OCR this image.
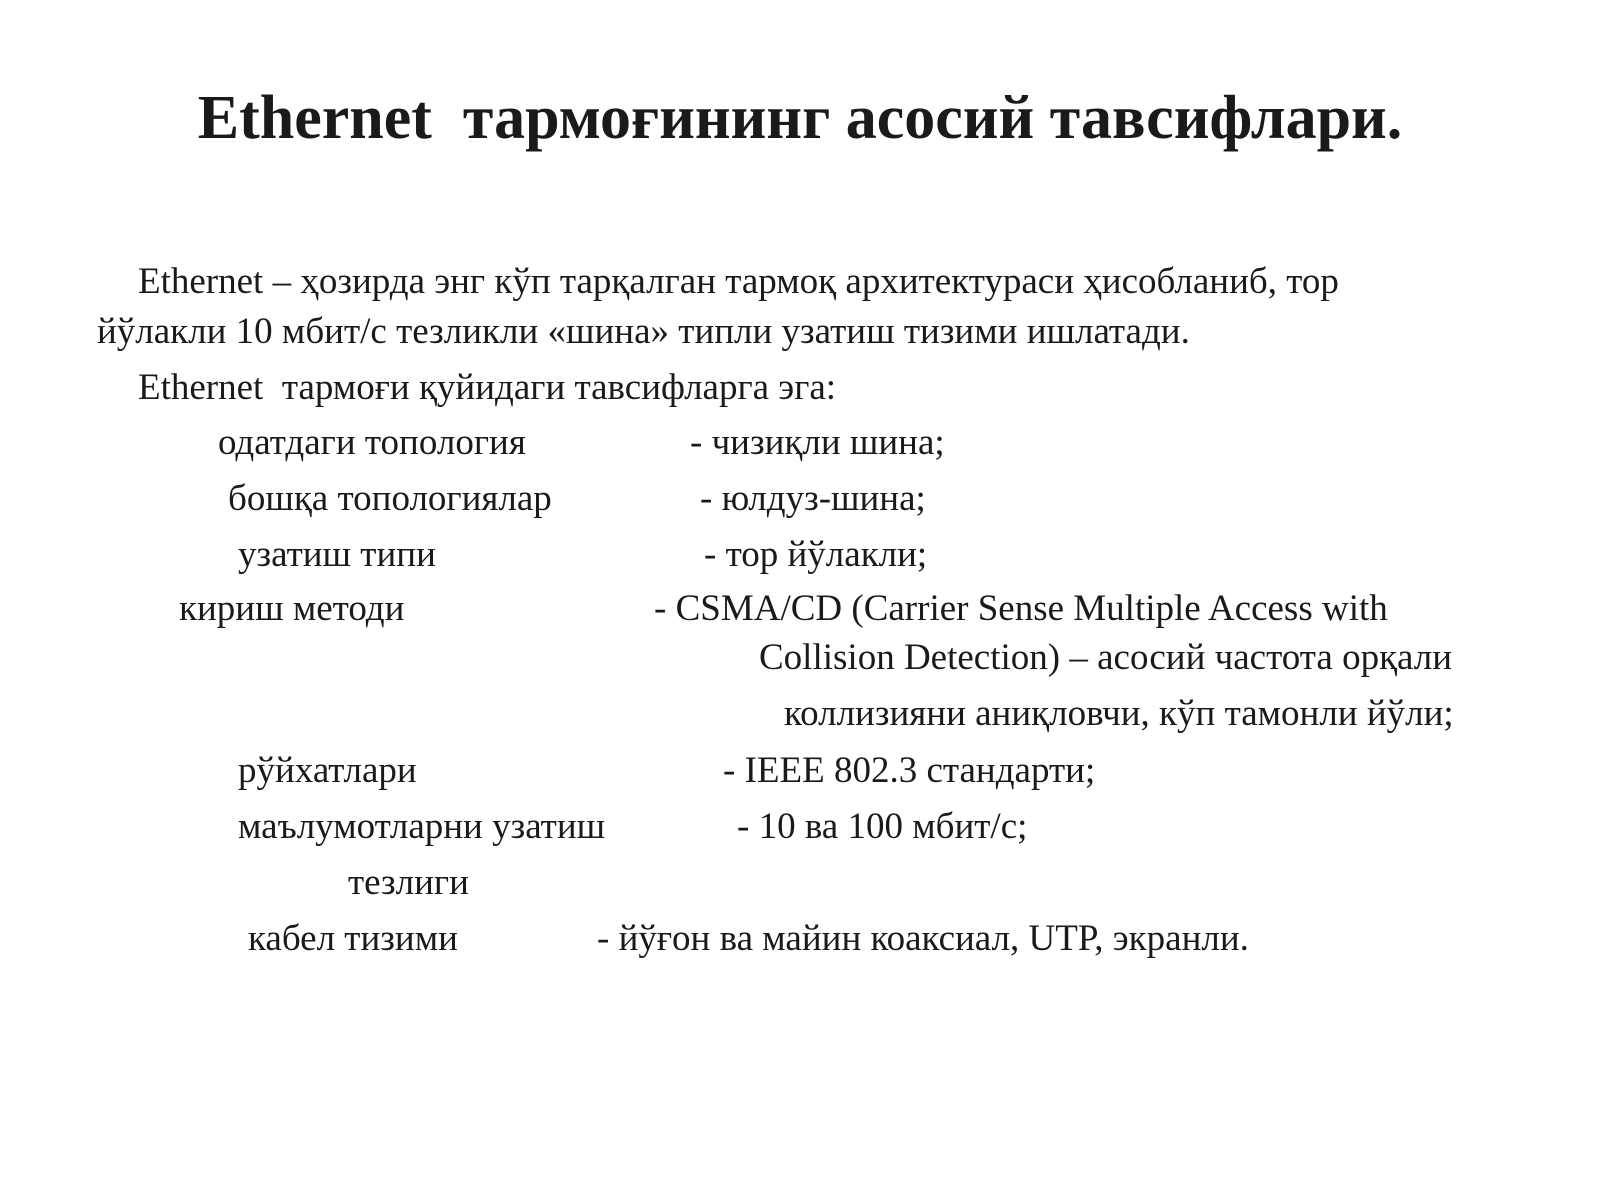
Ethernet  тармоғининг асосий тавсифлари.

Ethernet – ҳозирда энг кўп тарқалган тармоқ архитектураси ҳисобланиб, тор

йўлакли 10 мбит/с тезликли «шина» типли узатиш тизими ишлатади.

Ethernet  тармоғи қуйидаги тавсифларга эга:

одатдаги топология	- чизиқли шина;

бошқа топологиялар	- юлдуз-шина;

узатиш типи	- тор йўлакли;

кириш методи	- CSMA/CD (Carrier Sense Multiple Access with

Collision Detection) – асосий частота орқали

коллизияни аниқловчи, кўп тамонли йўли;

рўйхатлари	- IEEE 802.3 стандарти;

маълумотларни узатиш	- 10 ва 100 мбит/с;

тезлиги

кабел тизими	- йўғон ва майин коаксиал, UTP, экранли.
